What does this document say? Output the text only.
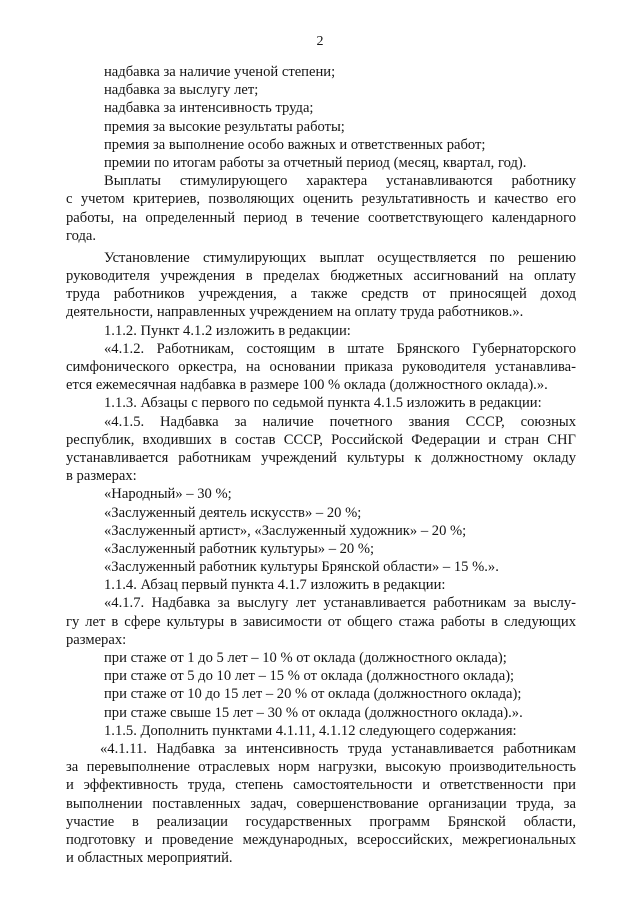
2
надбавка за наличие ученой степени;
надбавка за выслугу лет;
надбавка за интенсивность труда;
премия за высокие результаты работы;
премия за выполнение особо важных и ответственных работ;
премии по итогам работы за отчетный период (месяц, квартал, год).
Выплаты стимулирующего характера устанавливаются работнику
с учетом критериев, позволяющих оценить результативность и качество его
работы, на определенный период в течение соответствующего календарного
года.
Установление стимулирующих выплат осуществляется по решению
руководителя учреждения в пределах бюджетных ассигнований на оплату
труда работников учреждения, а также средств от приносящей доход
деятельности, направленных учреждением на оплату труда работников.».
1.1.2. Пункт 4.1.2 изложить в редакции:
«4.1.2. Работникам, состоящим в штате Брянского Губернаторского
симфонического оркестра, на основании приказа руководителя устанавлива-
ется ежемесячная надбавка в размере 100 % оклада (должностного оклада).».
1.1.3. Абзацы с первого по седьмой пункта 4.1.5 изложить в редакции:
«4.1.5. Надбавка за наличие почетного звания СССР, союзных
республик, входивших в состав СССР, Российской Федерации и стран СНГ
устанавливается работникам учреждений культуры к должностному окладу
в размерах:
«Народный» – 30 %;
«Заслуженный деятель искусств» – 20 %;
«Заслуженный артист», «Заслуженный художник» – 20 %;
«Заслуженный работник культуры» – 20 %;
«Заслуженный работник культуры Брянской области» – 15 %.».
1.1.4. Абзац первый пункта 4.1.7 изложить в редакции:
«4.1.7. Надбавка за выслугу лет устанавливается работникам за выслу-
гу лет в сфере культуры в зависимости от общего стажа работы в следующих
размерах:
при стаже от 1 до 5 лет – 10 % от оклада (должностного оклада);
при стаже от 5 до 10 лет – 15 % от оклада (должностного оклада);
при стаже от 10 до 15 лет – 20 % от оклада (должностного оклада);
при стаже свыше 15 лет – 30 % от оклада (должностного оклада).».
1.1.5. Дополнить пунктами 4.1.11, 4.1.12 следующего содержания:
«4.1.11. Надбавка за интенсивность труда устанавливается работникам
за перевыполнение отраслевых норм нагрузки, высокую производительность
и эффективность труда, степень самостоятельности и ответственности при
выполнении поставленных задач, совершенствование организации труда, за
участие в реализации государственных программ Брянской области,
подготовку и проведение международных, всероссийских, межрегиональных
и областных мероприятий.
